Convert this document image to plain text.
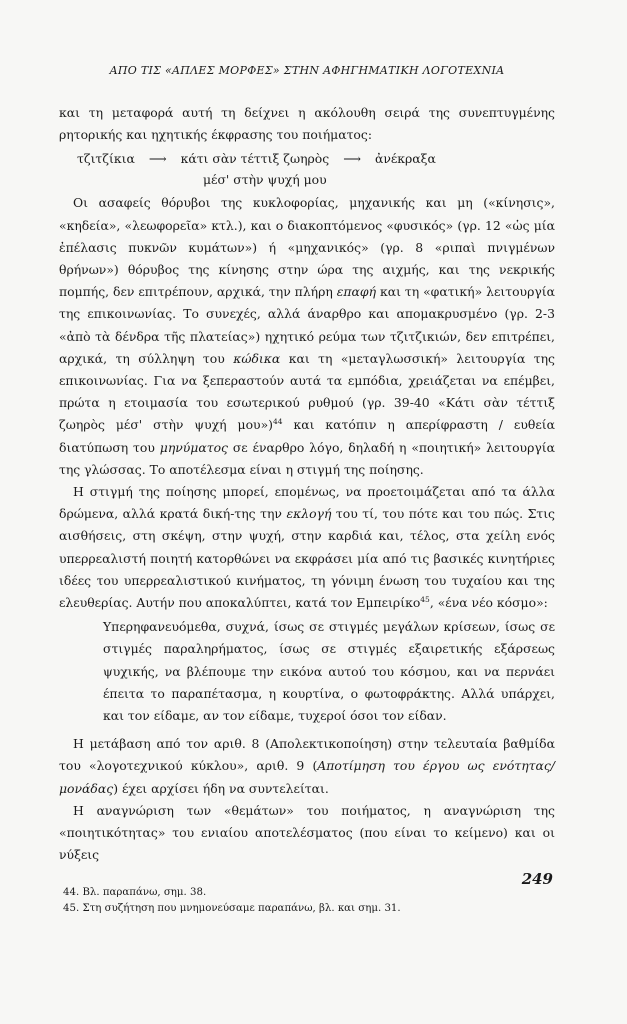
ΑΠΟ ΤΙΣ «ΑΠΛΕΣ ΜΟΡΦΕΣ» ΣΤΗΝ ΑΦΗΓΗΜΑΤΙΚΗ ΛΟΓΟΤΕΧΝΙΑ

και τη μεταφορά αυτή τη δείχνει η ακόλουθη σειρά της συνεπτυγμένης ρητορικής και ηχητικής έκφρασης του ποιήματος:

τζιτζίκια ⟶ κάτι σὰν τέττιξ ζωηρὸς ⟶ ἀνέκραξα
μέσ' στὴν ψυχή μου

Οι ασαφείς θόρυβοι της κυκλοφορίας, μηχανικής και μη («κίνησις», «κηδεία», «λεωφορεῖα» κτλ.), και ο διακοπτόμενος «φυσικός» (γρ. 12 «ὡς μία ἐπέλασις πυκνῶν κυμάτων») ή «μηχανικός» (γρ. 8 «ριπαὶ πνιγμένων θρήνων») θόρυβος της κίνησης στην ώρα της αιχμής, και της νεκρικής πομπής, δεν επιτρέπουν, αρχικά, την πλήρη επαφή και τη «φατική» λειτουργία της επικοινωνίας. Το συνεχές, αλλά άναρθρο και απομακρυσμένο (γρ. 2-3 «ἀπὸ τὰ δένδρα τῆς πλατείας») ηχητικό ρεύμα των τζιτζικιών, δεν επιτρέπει, αρχικά, τη σύλληψη του κώδικα και τη «μεταγλωσσική» λειτουργία της επικοινωνίας. Για να ξεπεραστούν αυτά τα εμπόδια, χρειάζεται να επέμβει, πρώτα η ετοιμασία του εσωτερικού ρυθμού (γρ. 39-40 «Κάτι σὰν τέττιξ ζωηρὸς μέσ' στὴν ψυχή μου»)$^{44}$ και κατόπιν η απερίφραστη / ευθεία διατύπωση του μηνύματος σε έναρθρο λόγο, δηλαδή η «ποιητική» λειτουργία της γλώσσας. Το αποτέλεσμα είναι η στιγμή της ποίησης.

Η στιγμή της ποίησης μπορεί, επομένως, να προετοιμάζεται από τα άλλα δρώμενα, αλλά κρατά δική-της την εκλογή του τί, του πότε και του πώς. Στις αισθήσεις, στη σκέψη, στην ψυχή, στην καρδιά και, τέλος, στα χείλη ενός υπερρεαλιστή ποιητή κατορθώνει να εκφράσει μία από τις βασικές κινητήριες ιδέες του υπερρεαλιστικού κινήματος, τη γόνιμη ένωση του τυχαίου και της ελευθερίας. Αυτήν που αποκαλύπτει, κατά τον Εμπειρίκο$^{45}$, «ένα νέο κόσμο»:

Υπερηφανευόμεθα, συχνά, ίσως σε στιγμές μεγάλων κρίσεων, ίσως σε στιγμές παραληρήματος, ίσως σε στιγμές εξαιρετικής εξάρσεως ψυχικής, να βλέπουμε την εικόνα αυτού του κόσμου, και να περνάει έπειτα το παραπέτασμα, η κουρτίνα, ο φωτοφράκτης. Αλλά υπάρχει, και τον είδαμε, αν τον είδαμε, τυχεροί όσοι τον είδαν.

Η μετάβαση από τον αριθ. 8 (Απολεκτικοποίηση) στην τελευταία βαθμίδα του «λογοτεχνικού κύκλου», αριθ. 9 (Αποτίμηση του έργου ως ενότητας/μονάδας) έχει αρχίσει ήδη να συντελείται.

Η αναγνώριση των «θεμάτων» του ποιήματος, η αναγνώριση της «ποιητικότητας» του ενιαίου αποτελέσματος (που είναι το κείμενο) και οι νύξεις

44. Βλ. παραπάνω, σημ. 38.
45. Στη συζήτηση που μνημονεύσαμε παραπάνω, βλ. και σημ. 31.
249
